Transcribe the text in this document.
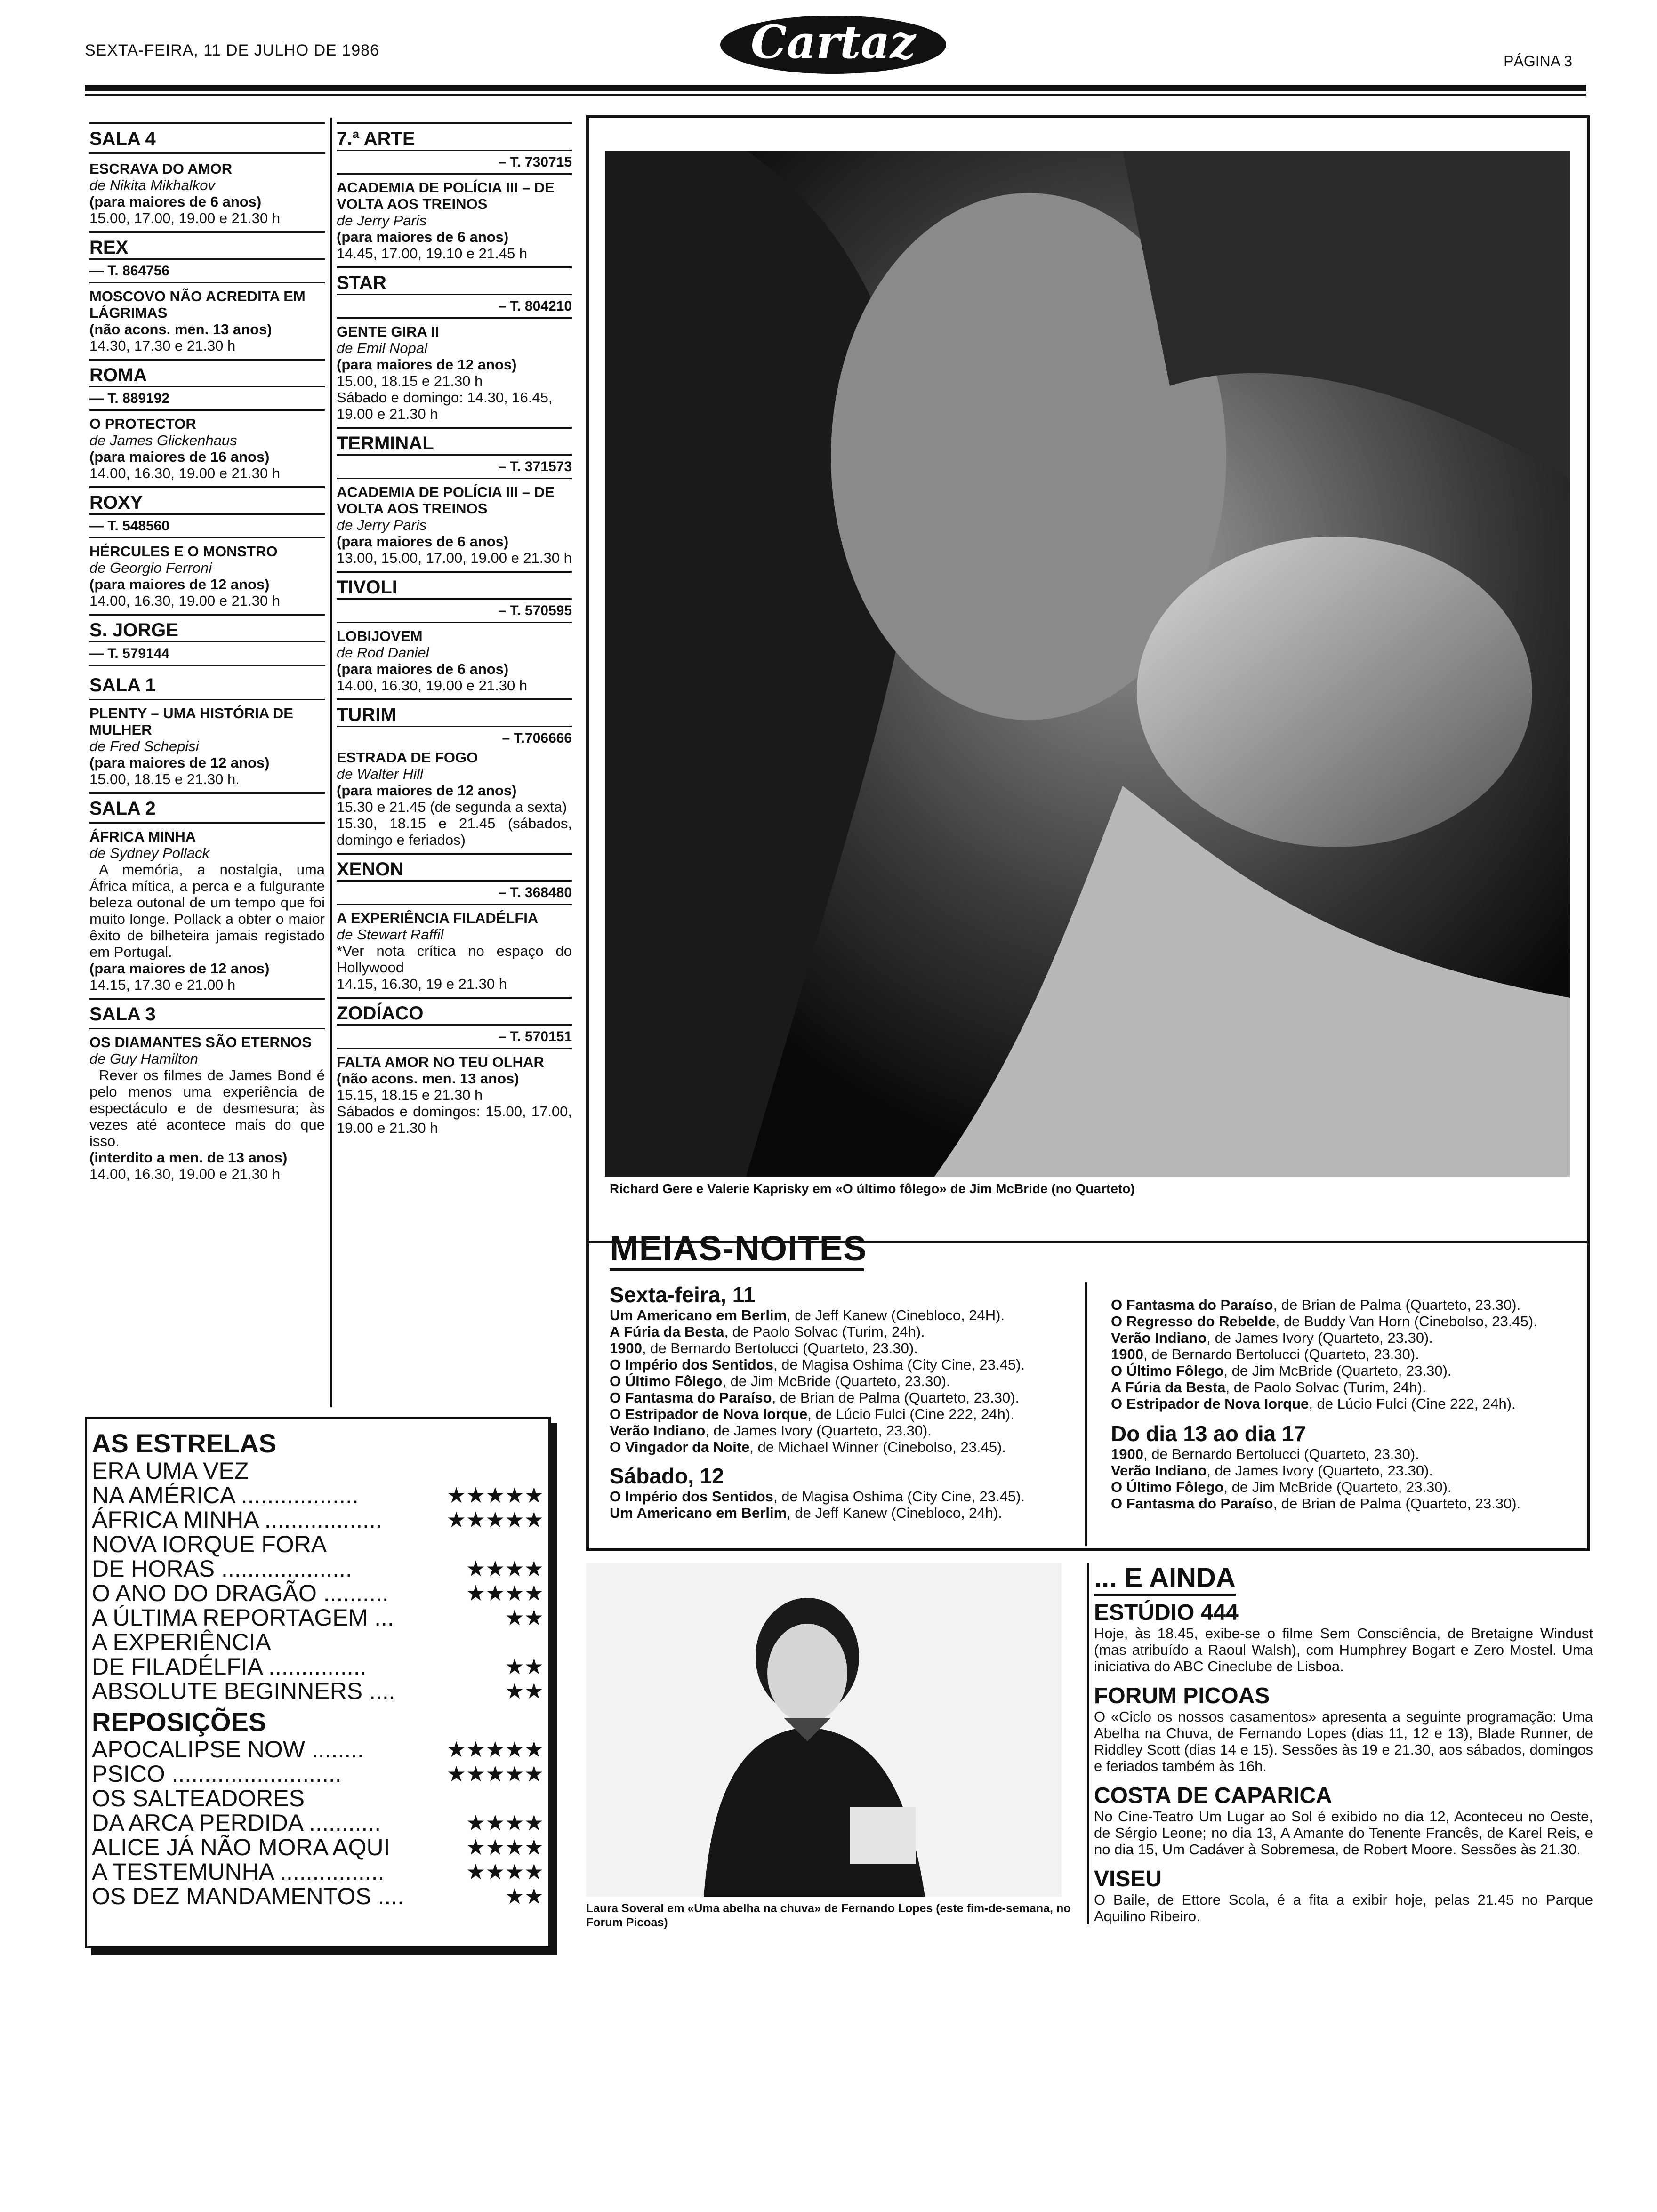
SEXTA-FEIRA, 11 DE JULHO DE 1986	Cartaz	PÁGINA 3
SALA 4
ESCRAVA DO AMOR
de Nikita Mikhalkov
(para maiores de 6 anos)
15.00, 17.00, 19.00 e 21.30 h
REX
— T. 864756
MOSCOVO NÃO ACREDITA EM LÁGRIMAS
(não acons. men. 13 anos)
14.30, 17.30 e 21.30 h
ROMA
— T. 889192
O PROTECTOR
de James Glickenhaus
(para maiores de 16 anos)
14.00, 16.30, 19.00 e 21.30 h
ROXY
— T. 548560
HÉRCULES E O MONSTRO
de Georgio Ferroni
(para maiores de 12 anos)
14.00, 16.30, 19.00 e 21.30 h
S. JORGE
— T. 579144
SALA 1
PLENTY – UMA HISTÓRIA DE MULHER
de Fred Schepisi
(para maiores de 12 anos)
15.00, 18.15 e 21.30 h.
SALA 2
ÁFRICA MINHA
de Sydney Pollack
A memória, a nostalgia, uma África mítica, a perca e a fulgurante beleza outonal de um tempo que foi muito longe. Pollack a obter o maior êxito de bilheteira jamais registado em Portugal.
(para maiores de 12 anos)
14.15, 17.30 e 21.00 h
SALA 3
OS DIAMANTES SÃO ETERNOS
de Guy Hamilton
Rever os filmes de James Bond é pelo menos uma experiência de espectáculo e de desmesura; às vezes até acontece mais do que isso.
(interdito a men. de 13 anos)
14.00, 16.30, 19.00 e 21.30 h
7.ª ARTE
– T. 730715
ACADEMIA DE POLÍCIA III – DE VOLTA AOS TREINOS
de Jerry Paris
(para maiores de 6 anos)
14.45, 17.00, 19.10 e 21.45 h
STAR
– T. 804210
GENTE GIRA II
de Emil Nopal
(para maiores de 12 anos)
15.00, 18.15 e 21.30 h
Sábado e domingo: 14.30, 16.45, 19.00 e 21.30 h
TERMINAL
– T. 371573
ACADEMIA DE POLÍCIA III – DE VOLTA AOS TREINOS
de Jerry Paris
(para maiores de 6 anos)
13.00, 15.00, 17.00, 19.00 e 21.30 h
TIVOLI
– T. 570595
LOBIJOVEM
de Rod Daniel
(para maiores de 6 anos)
14.00, 16.30, 19.00 e 21.30 h
TURIM
– T.706666
ESTRADA DE FOGO
de Walter Hill
(para maiores de 12 anos)
15.30 e 21.45 (de segunda a sexta)
15.30, 18.15 e 21.45 (sábados, domingo e feriados)
XENON
– T. 368480
A EXPERIÊNCIA FILADÉLFIA
de Stewart Raffil
*Ver nota crítica no espaço do Hollywood
14.15, 16.30, 19 e 21.30 h
ZODÍACO
– T. 570151
FALTA AMOR NO TEU OLHAR
(não acons. men. 13 anos)
15.15, 18.15 e 21.30 h
Sábados e domingos: 15.00, 17.00, 19.00 e 21.30 h
Richard Gere e Valerie Kaprisky em «O último fôlego» de Jim McBride (no Quarteto)
MEIAS-NOITES
Sexta-feira, 11
Um Americano em Berlim, de Jeff Kanew (Cinebloco, 24H).
A Fúria da Besta, de Paolo Solvac (Turim, 24h).
1900, de Bernardo Bertolucci (Quarteto, 23.30).
O Império dos Sentidos, de Magisa Oshima (City Cine, 23.45).
O Último Fôlego, de Jim McBride (Quarteto, 23.30).
O Fantasma do Paraíso, de Brian de Palma (Quarteto, 23.30).
O Estripador de Nova Iorque, de Lúcio Fulci (Cine 222, 24h).
Verão Indiano, de James Ivory (Quarteto, 23.30).
O Vingador da Noite, de Michael Winner (Cinebolso, 23.45).
Sábado, 12
O Império dos Sentidos, de Magisa Oshima (City Cine, 23.45).
Um Americano em Berlim, de Jeff Kanew (Cinebloco, 24h).
O Fantasma do Paraíso, de Brian de Palma (Quarteto, 23.30).
O Regresso do Rebelde, de Buddy Van Horn (Cinebolso, 23.45).
Verão Indiano, de James Ivory (Quarteto, 23.30).
1900, de Bernardo Bertolucci (Quarteto, 23.30).
O Último Fôlego, de Jim McBride (Quarteto, 23.30).
A Fúria da Besta, de Paolo Solvac (Turim, 24h).
O Estripador de Nova Iorque, de Lúcio Fulci (Cine 222, 24h).
Do dia 13 ao dia 17
1900, de Bernardo Bertolucci (Quarteto, 23.30).
Verão Indiano, de James Ivory (Quarteto, 23.30).
O Último Fôlego, de Jim McBride (Quarteto, 23.30).
O Fantasma do Paraíso, de Brian de Palma (Quarteto, 23.30).
AS ESTRELAS
ERA UMA VEZ
NA AMÉRICA ..................	★★★★★
ÁFRICA MINHA ..................	★★★★★
NOVA IORQUE FORA
DE HORAS ....................	★★★★
O ANO DO DRAGÃO ..........	★★★★
A ÚLTIMA REPORTAGEM ...	★★
A EXPERIÊNCIA
DE FILADÉLFIA ...............	★★
ABSOLUTE BEGINNERS ....	★★
REPOSIÇÕES
APOCALIPSE NOW ........	★★★★★
PSICO ..........................	★★★★★
OS SALTEADORES
DA ARCA PERDIDA ...........	★★★★
ALICE JÁ NÃO MORA AQUI	★★★★
A TESTEMUNHA ................	★★★★
OS DEZ MANDAMENTOS ....	★★	Laura Soveral em «Uma abelha na chuva» de Fernando Lopes (este fim-de-semana, no Forum Picoas)
... E AINDA
ESTÚDIO 444
Hoje, às 18.45, exibe-se o filme Sem Consciência, de Bretaigne Windust (mas atribuído a Raoul Walsh), com Humphrey Bogart e Zero Mostel. Uma iniciativa do ABC Cineclube de Lisboa.
FORUM PICOAS
O «Ciclo os nossos casamentos» apresenta a seguinte programação: Uma Abelha na Chuva, de Fernando Lopes (dias 11, 12 e 13), Blade Runner, de Riddley Scott (dias 14 e 15). Sessões às 19 e 21.30, aos sábados, domingos e feriados também às 16h.
COSTA DE CAPARICA
No Cine-Teatro Um Lugar ao Sol é exibido no dia 12, Aconteceu no Oeste, de Sérgio Leone; no dia 13, A Amante do Tenente Francês, de Karel Reis, e no dia 15, Um Cadáver à Sobremesa, de Robert Moore. Sessões às 21.30.
VISEU
O Baile, de Ettore Scola, é a fita a exibir hoje, pelas 21.45 no Parque Aquilino Ribeiro.
